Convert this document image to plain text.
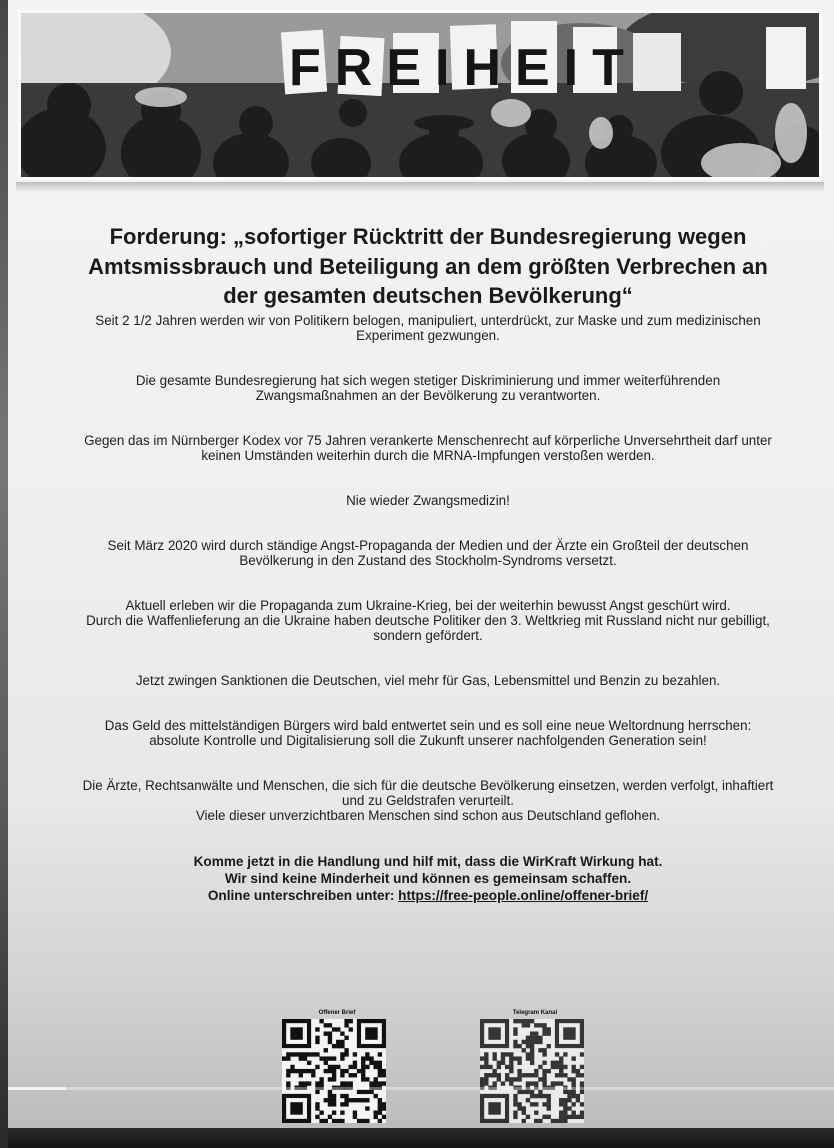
FREIHEIT

Forderung: „sofortiger Rücktritt der Bundesregierung wegen Amtsmissbrauch und Beteiligung an dem größten Verbrechen an der gesamten deutschen Bevölkerung“

Seit 2 1/2 Jahren werden wir von Politikern belogen, manipuliert, unterdrückt, zur Maske und zum medizinischen Experiment gezwungen.

Die gesamte Bundesregierung hat sich wegen stetiger Diskriminierung und immer weiterführenden Zwangsmaßnahmen an der Bevölkerung zu verantworten.

Gegen das im Nürnberger Kodex vor 75 Jahren verankerte Menschenrecht auf körperliche Unversehrtheit darf unter keinen Umständen weiterhin durch die MRNA-Impfungen verstoßen werden.

Nie wieder Zwangsmedizin!

Seit März 2020 wird durch ständige Angst-Propaganda der Medien und der Ärzte ein Großteil der deutschen Bevölkerung in den Zustand des Stockholm-Syndroms versetzt.

Aktuell erleben wir die Propaganda zum Ukraine-Krieg, bei der weiterhin bewusst Angst geschürt wird.

Durch die Waffenlieferung an die Ukraine haben deutsche Politiker den 3. Weltkrieg mit Russland nicht nur gebilligt, sondern gefördert.

Jetzt zwingen Sanktionen die Deutschen, viel mehr für Gas, Lebensmittel und Benzin zu bezahlen.

Das Geld des mittelständigen Bürgers wird bald entwertet sein und es soll eine neue Weltordnung herrschen: absolute Kontrolle und Digitalisierung soll die Zukunft unserer nachfolgenden Generation sein!

Die Ärzte, Rechtsanwälte und Menschen, die sich für die deutsche Bevölkerung einsetzen, werden verfolgt, inhaftiert und zu Geldstrafen verurteilt.

Viele dieser unverzichtbaren Menschen sind schon aus Deutschland geflohen.

Komme jetzt in die Handlung und hilf mit, dass die WirKraft Wirkung hat.
Wir sind keine Minderheit und können es gemeinsam schaffen.
Online unterschreiben unter: https://free-people.online/offener-brief/
Offener Brief	Telegram Kanal
